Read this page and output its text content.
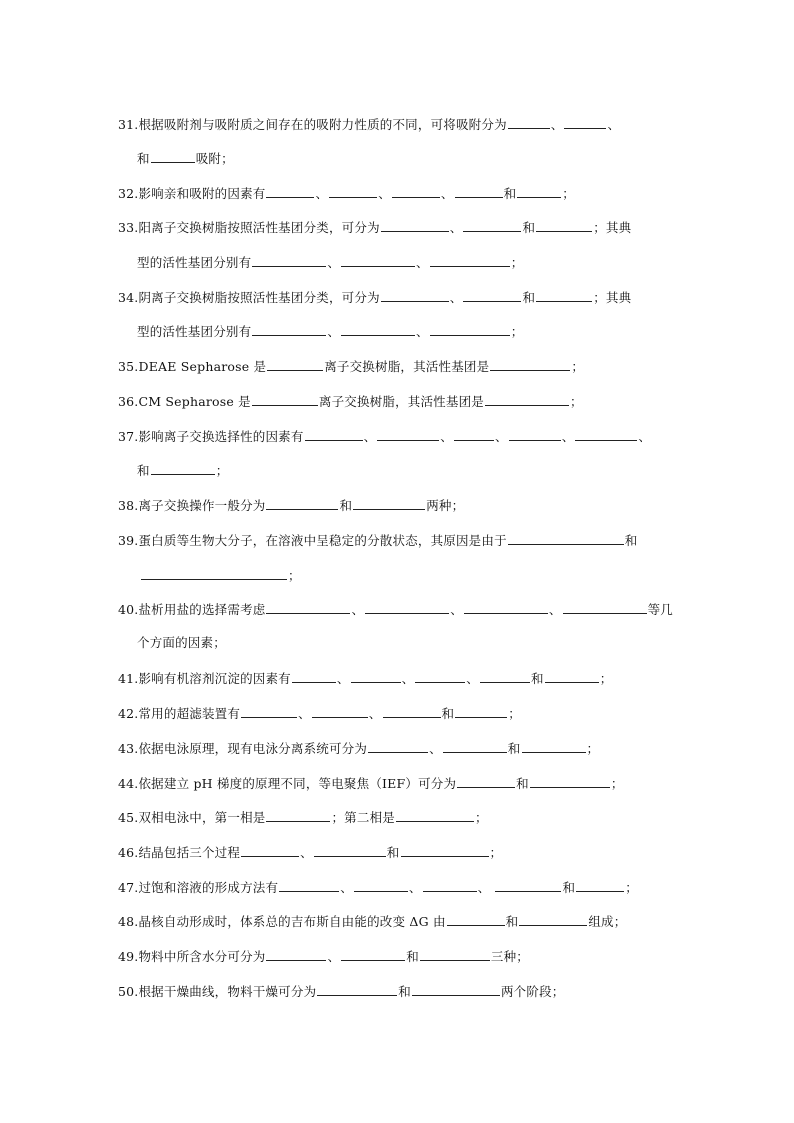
31.根据吸附剂与吸附质之间存在的吸附力性质的不同，可将吸附分为	、	、
和	吸附；
32.影响亲和吸附的因素有	、	、	、	和	；
33.阳离子交换树脂按照活性基团分类，可分为	、	和	；其典
型的活性基团分别有	、	、	；
34.阴离子交换树脂按照活性基团分类，可分为	、	和	；其典
型的活性基团分别有	、	、	；
35.DEAE Sepharose 是	离子交换树脂，其活性基团是	；
36.CM Sepharose 是	离子交换树脂，其活性基团是	；
37.影响离子交换选择性的因素有	、	、	、	、	、
和	；
38.离子交换操作一般分为	和	两种；
39.蛋白质等生物大分子，在溶液中呈稳定的分散状态，其原因是由于	和
；
40.盐析用盐的选择需考虑	、	、	、	等几
个方面的因素；
41.影响有机溶剂沉淀的因素有	、	、	、	和	；
42.常用的超滤装置有	、	、	和	；
43.依据电泳原理，现有电泳分离系统可分为	、	和	；
44.依据建立 pH 梯度的原理不同，等电聚焦（IEF）可分为	和	；
45.双相电泳中，第一相是	；第二相是	；
46.结晶包括三个过程	、	和	；
47.过饱和溶液的形成方法有	、	、	、	和	；
48.晶核自动形成时，体系总的吉布斯自由能的改变 ΔG 由	和	组成；
49.物料中所含水分可分为	、	和	三种；
50.根据干燥曲线，物料干燥可分为	和	两个阶段；
